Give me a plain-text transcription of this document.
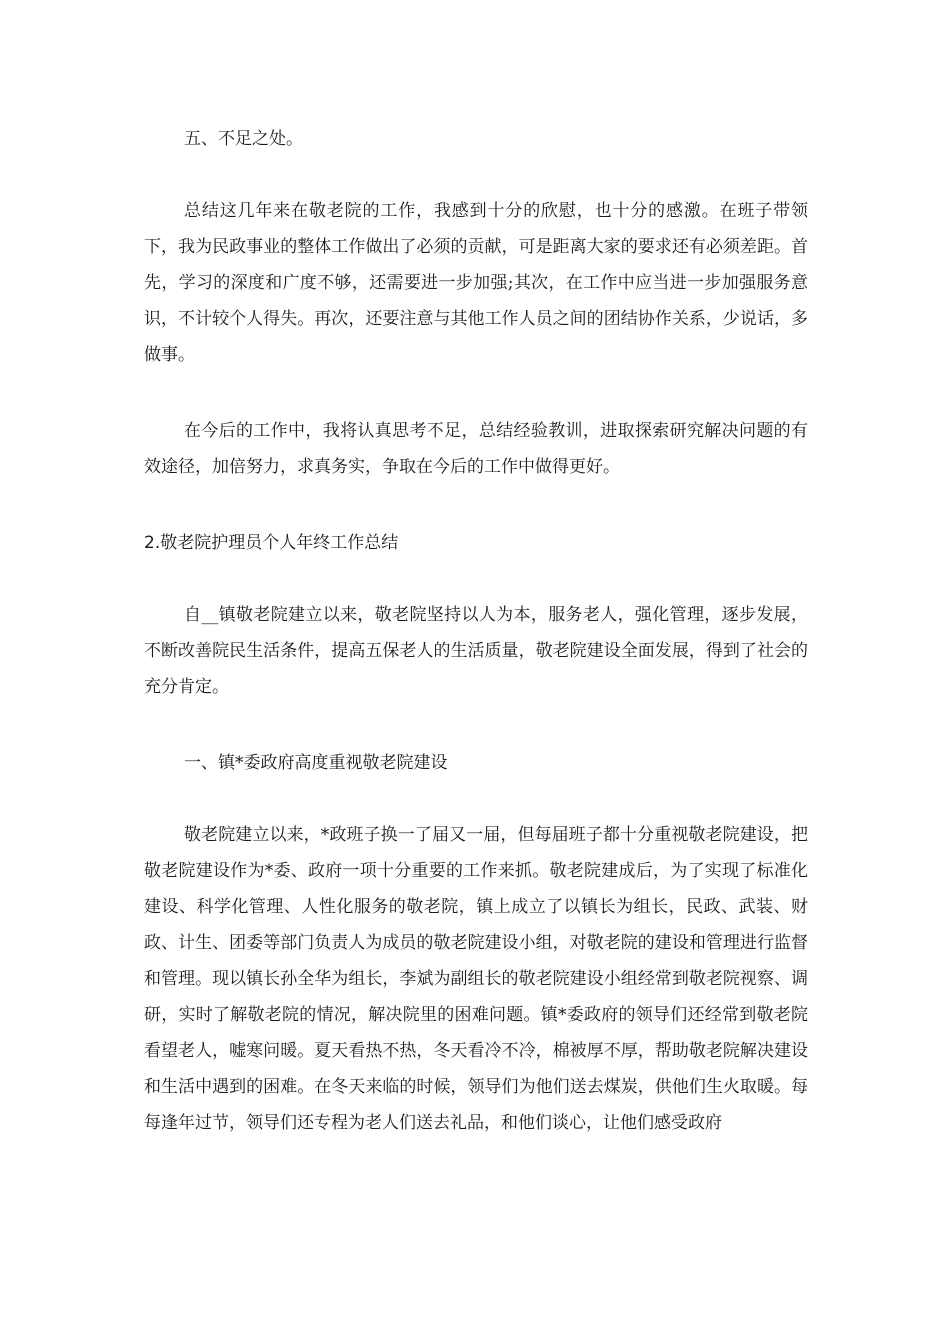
五、不足之处。

总结这几年来在敬老院的工作，我感到十分的欣慰，也十分的感激。在班子带领下，我为民政事业的整体工作做出了必须的贡献，可是距离大家的要求还有必须差距。首先，学习的深度和广度不够，还需要进一步加强;其次，在工作中应当进一步加强服务意识，不计较个人得失。再次，还要注意与其他工作人员之间的团结协作关系，少说话，多做事。

在今后的工作中，我将认真思考不足，总结经验教训，进取探索研究解决问题的有效途径，加倍努力，求真务实，争取在今后的工作中做得更好。

2.敬老院护理员个人年终工作总结

自__镇敬老院建立以来，敬老院坚持以人为本，服务老人，强化管理，逐步发展，不断改善院民生活条件，提高五保老人的生活质量，敬老院建设全面发展，得到了社会的充分肯定。

一、镇*委政府高度重视敬老院建设

敬老院建立以来，*政班子换一了届又一届，但每届班子都十分重视敬老院建设，把敬老院建设作为*委、政府一项十分重要的工作来抓。敬老院建成后，为了实现了标准化建设、科学化管理、人性化服务的敬老院，镇上成立了以镇长为组长，民政、武装、财政、计生、团委等部门负责人为成员的敬老院建设小组，对敬老院的建设和管理进行监督和管理。现以镇长孙全华为组长，李斌为副组长的敬老院建设小组经常到敬老院视察、调研，实时了解敬老院的情况，解决院里的困难问题。镇*委政府的领导们还经常到敬老院看望老人，嘘寒问暖。夏天看热不热，冬天看冷不冷，棉被厚不厚，帮助敬老院解决建设和生活中遇到的困难。在冬天来临的时候，领导们为他们送去煤炭，供他们生火取暖。每每逢年过节，领导们还专程为老人们送去礼品，和他们谈心，让他们感受政府
